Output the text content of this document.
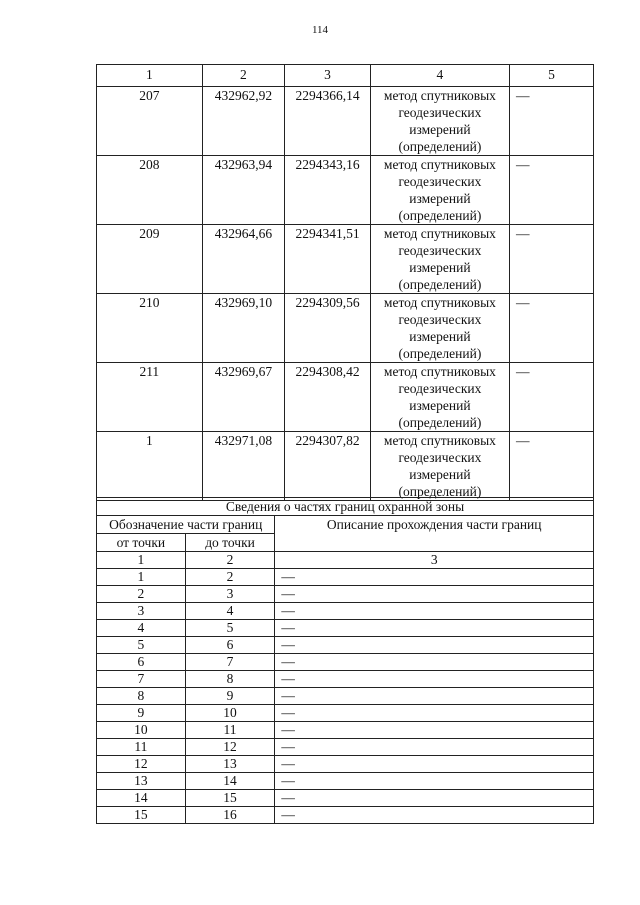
114
1	2	3	4	5
207	432962,92	2294366,14	метод спутниковых геодезических измерений (определений)	—
208	432963,94	2294343,16	метод спутниковых геодезических измерений (определений)	—
209	432964,66	2294341,51	метод спутниковых геодезических измерений (определений)	—
210	432969,10	2294309,56	метод спутниковых геодезических измерений (определений)	—
211	432969,67	2294308,42	метод спутниковых геодезических измерений (определений)	—
1	432971,08	2294307,82	метод спутниковых геодезических измерений (определений)	—
Сведения о частях границ охранной зоны		
Обозначение части границ		Описание прохождения части границ
от точки	до точки	
1	2	3
1	2	—
2	3	—
3	4	—
4	5	—
5	6	—
6	7	—
7	8	—
8	9	—
9	10	—
10	11	—
11	12	—
12	13	—
13	14	—
14	15	—
15	16	—
